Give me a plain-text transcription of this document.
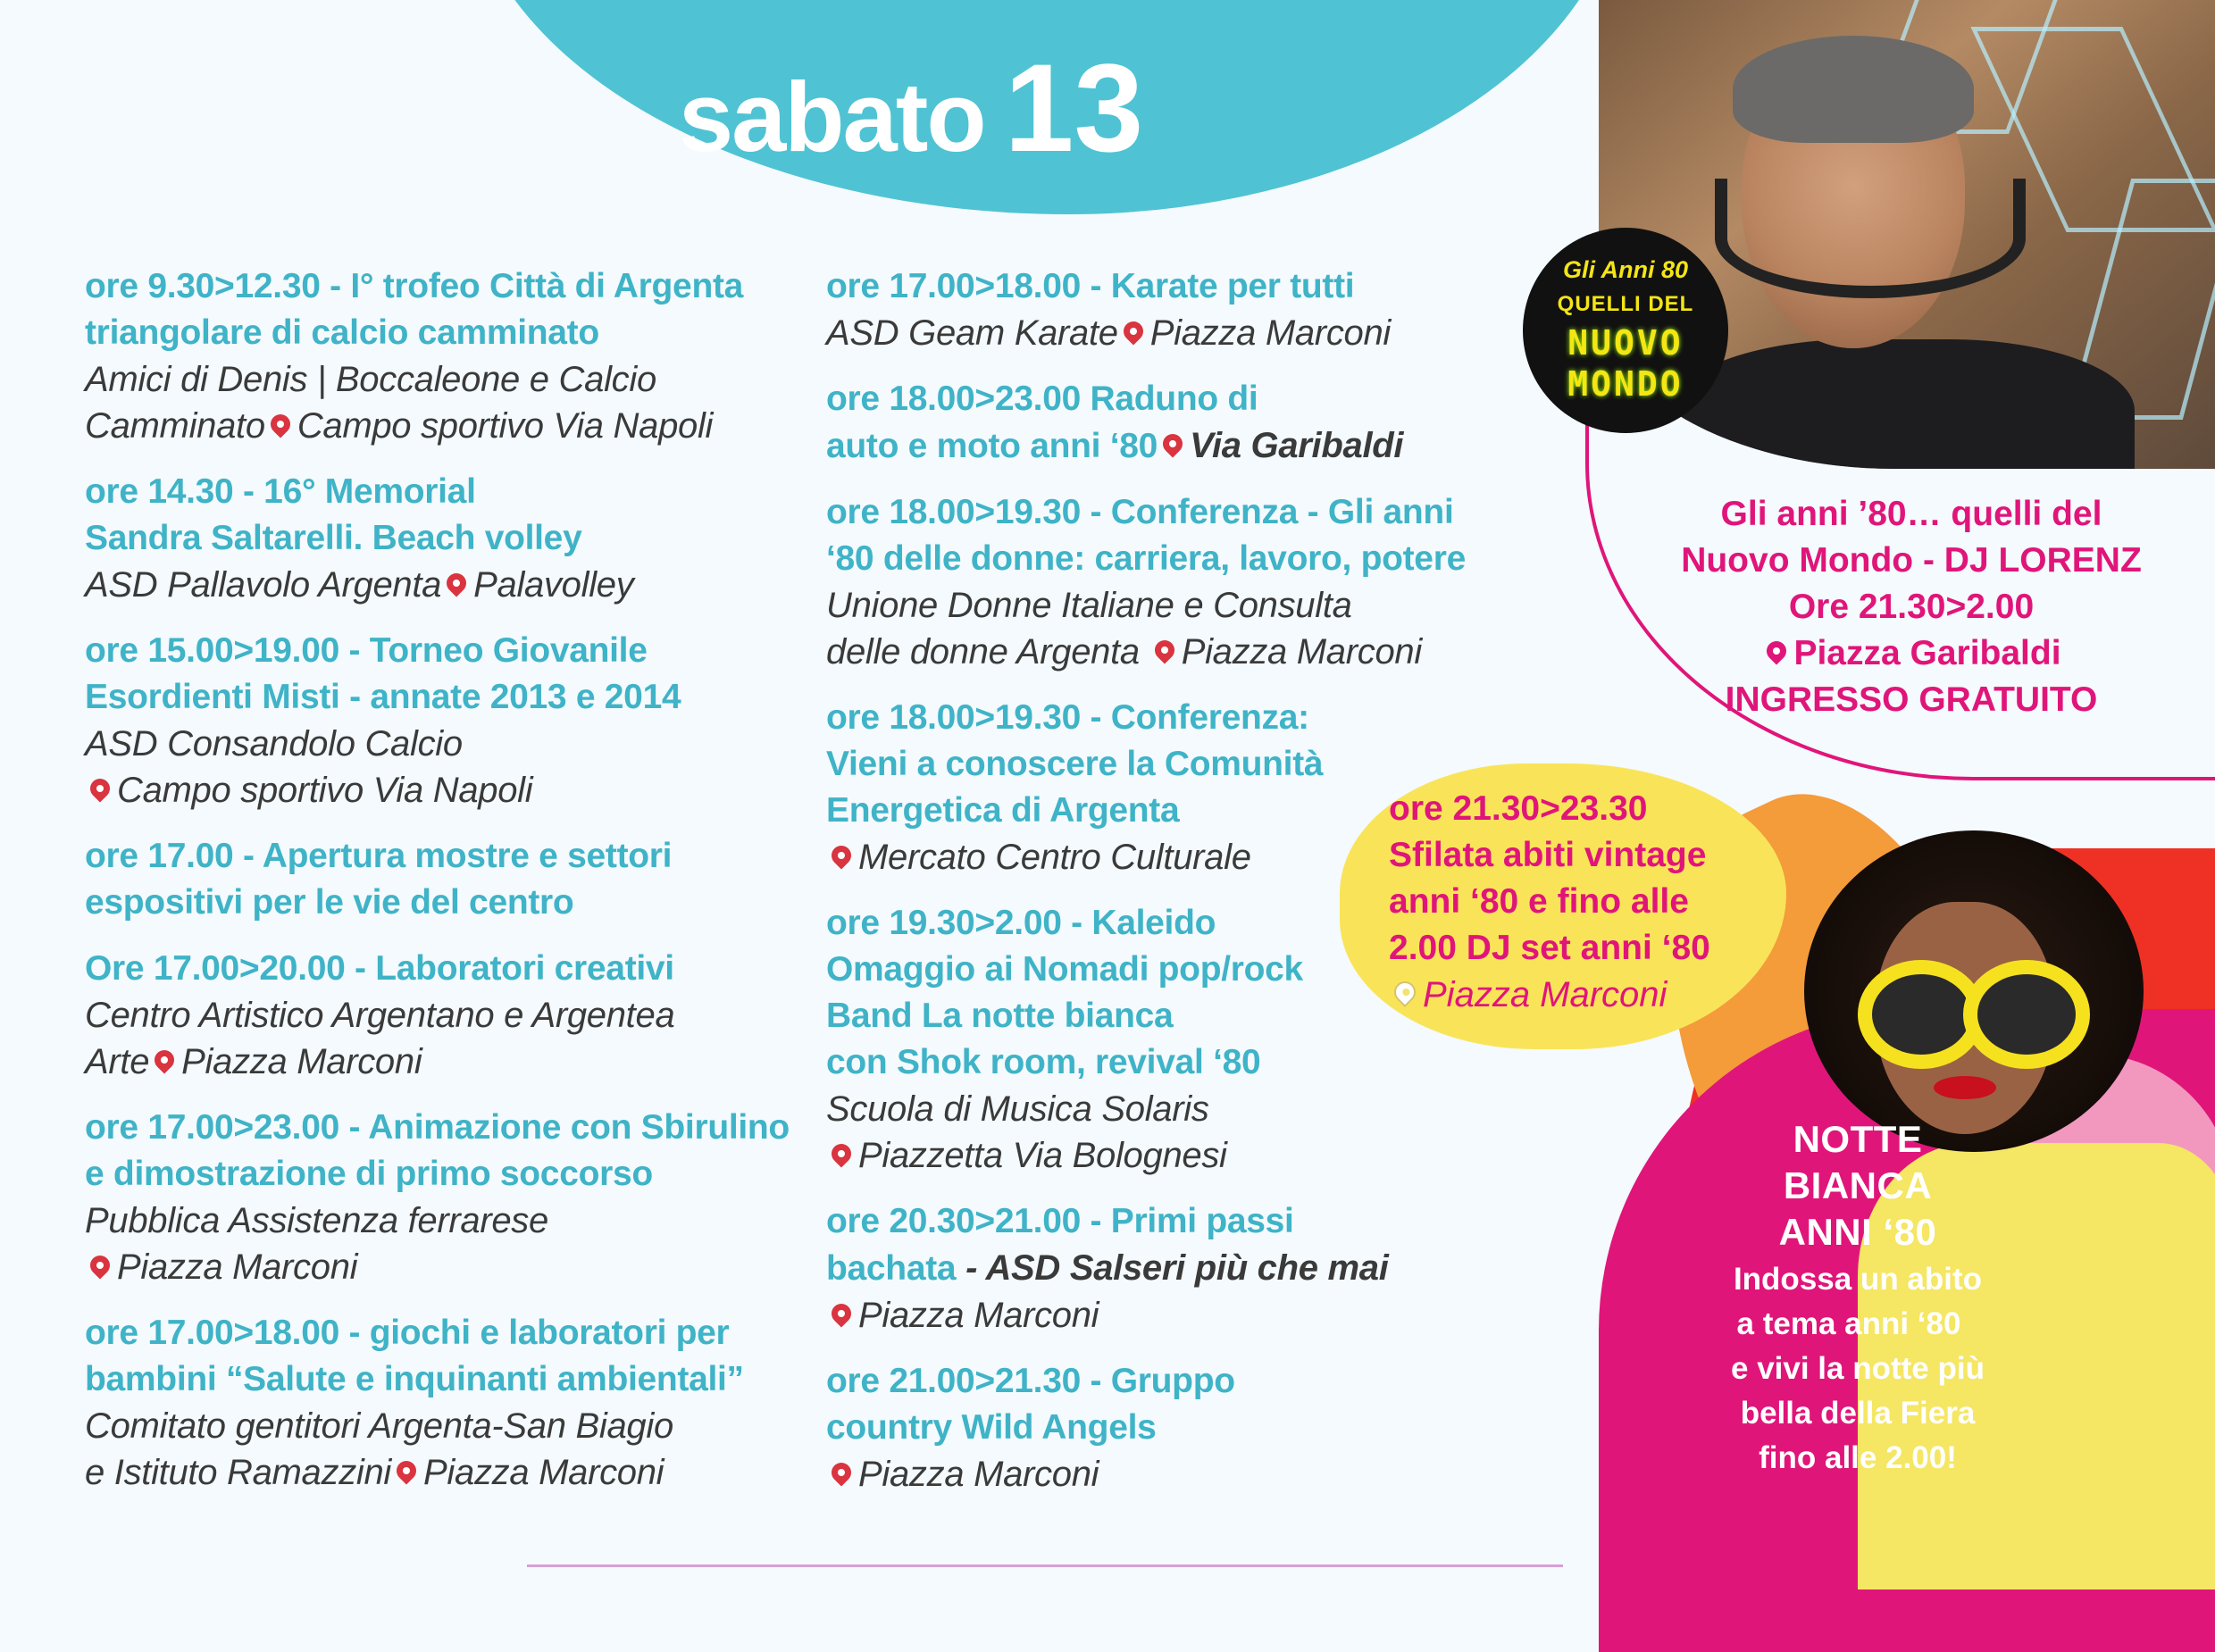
sabato 13
ore 9.30>12.30 - I° trofeo Città di Argenta
triangolare di calcio camminato
Amici di Denis | Boccaleone e Calcio
Camminato Campo sportivo Via Napoli
ore 14.30 - 16° Memorial
Sandra Saltarelli. Beach volley
ASD Pallavolo Argenta Palavolley
ore 15.00>19.00 - Torneo Giovanile
Esordienti Misti - annate 2013 e 2014
ASD Consandolo Calcio
Campo sportivo Via Napoli
ore 17.00 - Apertura mostre e settori
espositivi per le vie del centro
Ore 17.00>20.00 - Laboratori creativi
Centro Artistico Argentano e Argentea
Arte Piazza Marconi
ore 17.00>23.00 - Animazione con Sbirulino
e dimostrazione di primo soccorso
Pubblica Assistenza ferrarese
Piazza Marconi
ore 17.00>18.00 - giochi e laboratori per
bambini “Salute e inquinanti ambientali”
Comitato gentitori Argenta-San Biagio
e Istituto Ramazzini Piazza Marconi
ore 17.00>18.00 - Karate per tutti
ASD Geam Karate Piazza Marconi
ore 18.00>23.00 Raduno di
auto e moto anni ‘80 Via Garibaldi
ore 18.00>19.30 - Conferenza - Gli anni
‘80 delle donne: carriera, lavoro, potere
Unione Donne Italiane e Consulta
delle donne Argenta Piazza Marconi
ore 18.00>19.30 - Conferenza:
Vieni a conoscere la Comunità
Energetica di Argenta
Mercato Centro Culturale
ore 19.30>2.00 - Kaleido
Omaggio ai Nomadi pop/rock
Band La notte bianca
con Shok room, revival ‘80
Scuola di Musica Solaris
Piazzetta Via Bolognesi
ore 20.30>21.00 - Primi passi
bachata - ASD Salseri più che mai
Piazza Marconi
ore 21.00>21.30 - Gruppo
country Wild Angels
Piazza Marconi
Gli Anni 80
QUELLI DEL
NUOVO
MONDO
Gli anni ’80… quelli del
Nuovo Mondo - DJ LORENZ
Ore 21.30>2.00
Piazza Garibaldi
INGRESSO GRATUITO
ore 21.30>23.30
Sfilata abiti vintage
anni ‘80 e fino alle
2.00 DJ set anni ‘80
Piazza Marconi
NOTTE
BIANCA
ANNI ‘80
Indossa un abito
a tema anni ‘80
e vivi la notte più
bella della Fiera
fino alle 2.00!
